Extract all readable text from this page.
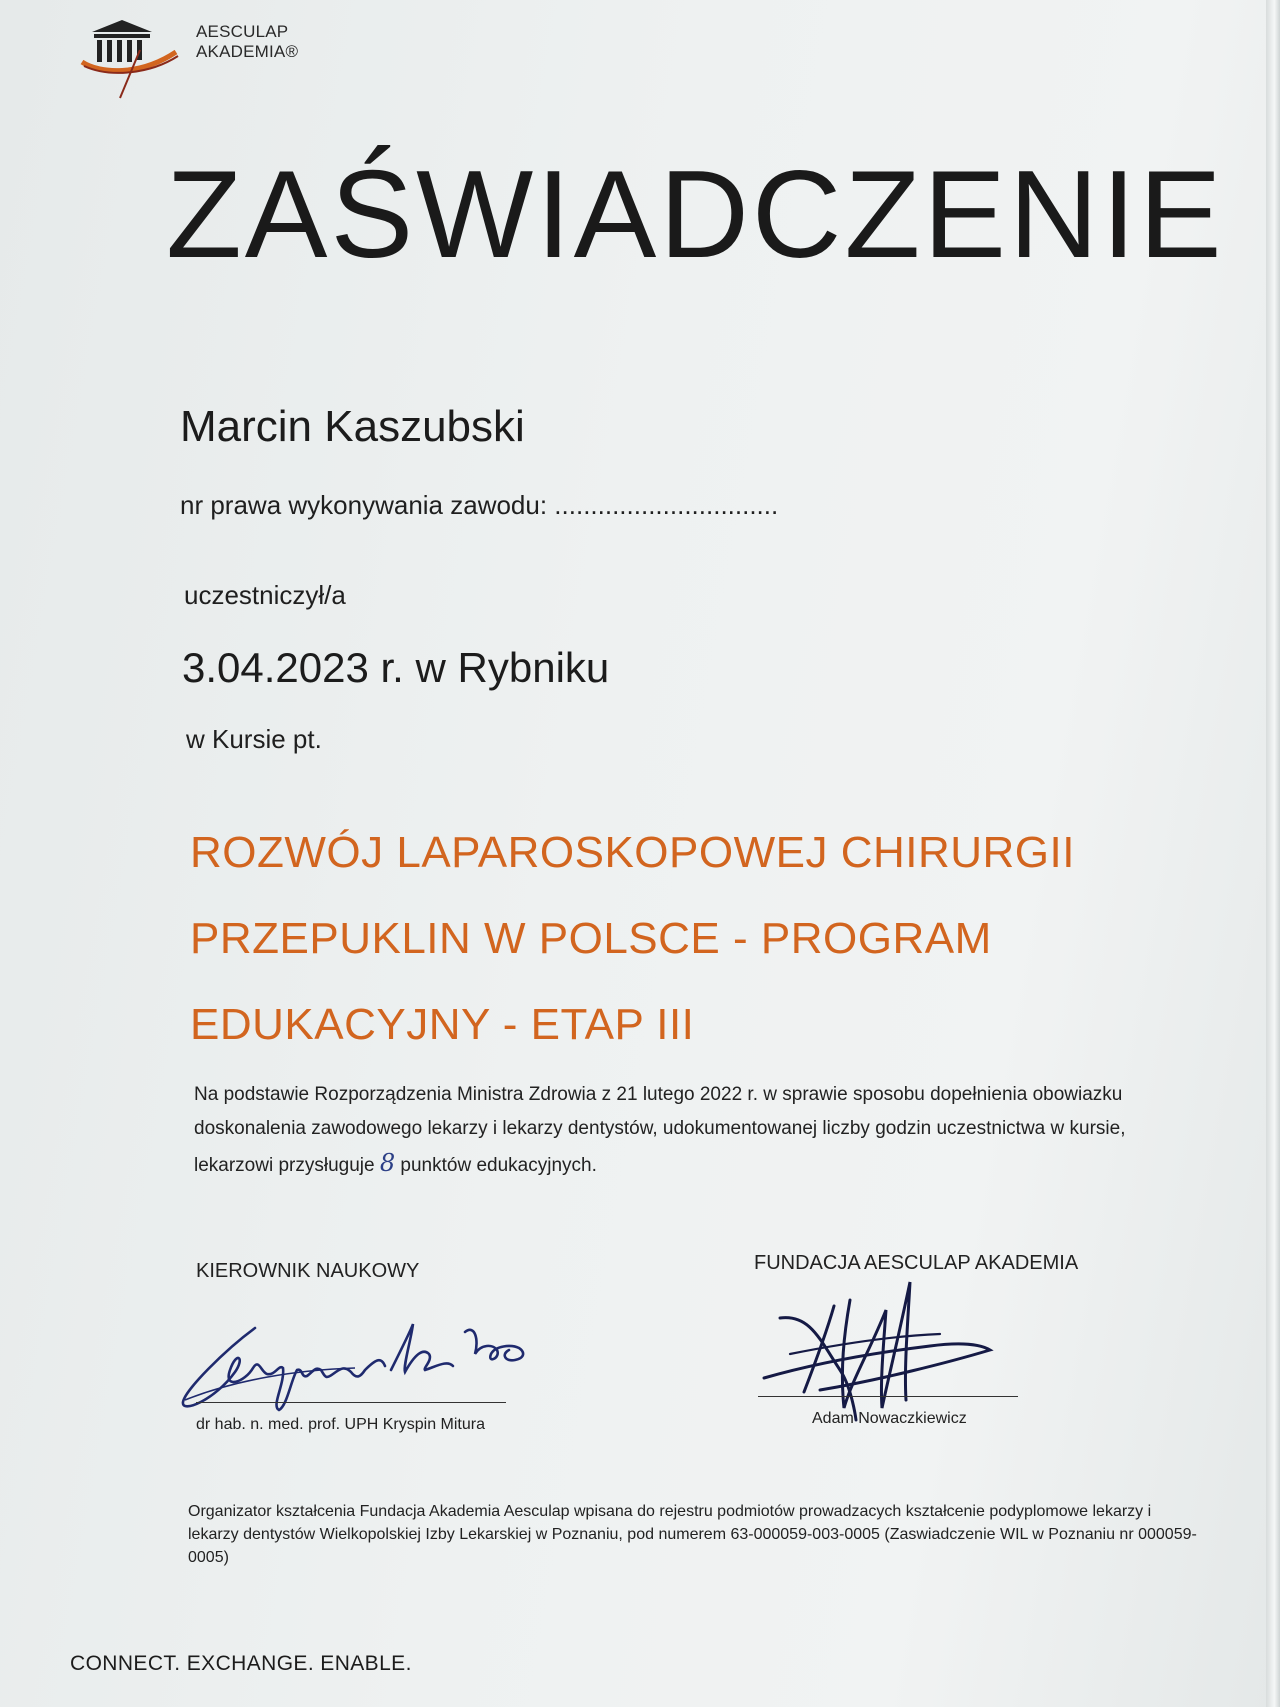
AESCULAP
AKADEMIA®
ZAŚWIADCZENIE
Marcin Kaszubski
nr prawa wykonywania zawodu: ...............................
uczestniczył/a
3.04.2023 r. w Rybniku
w Kursie pt.
ROZWÓJ LAPAROSKOPOWEJ CHIRURGII
PRZEPUKLIN W POLSCE - PROGRAM
EDUKACYJNY - ETAP III
Na podstawie Rozporządzenia Ministra Zdrowia z 21 lutego 2022 r. w sprawie sposobu dopełnienia obowiazku doskonalenia zawodowego lekarzy i lekarzy dentystów, udokumentowanej liczby godzin uczestnictwa w kursie, lekarzowi przysługuje 8 punktów edukacyjnych.
KIEROWNIK NAUKOWY	FUNDACJA AESCULAP AKADEMIA
dr hab. n. med. prof. UPH Kryspin Mitura	Adam Nowaczkiewicz
Organizator kształcenia Fundacja Akademia Aesculap wpisana do rejestru podmiotów prowadzacych kształcenie podyplomowe lekarzy i lekarzy dentystów Wielkopolskiej Izby Lekarskiej w Poznaniu, pod numerem 63-000059-003-0005 (Zaswiadczenie WIL w Poznaniu nr 000059-0005)
CONNECT. EXCHANGE. ENABLE.
